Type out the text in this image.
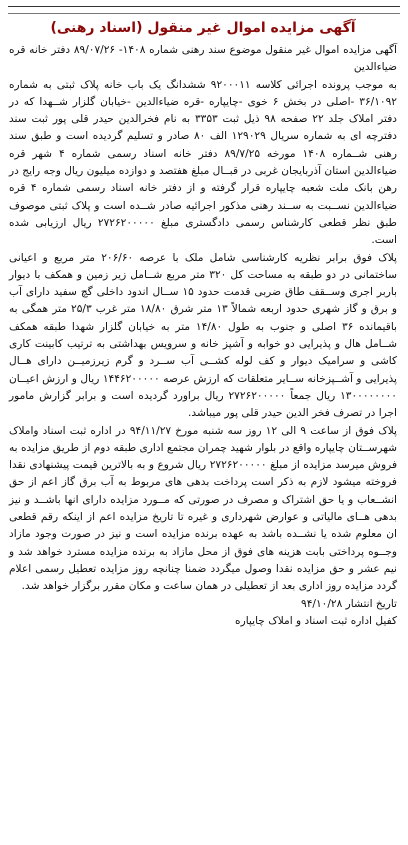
آگهی مزایده اموال غیر منقول (اسناد رهنی)

آگهی مزایده اموال غیر منقول موضوع سند رهنی شماره ۱۴۰۸- ۸۹/۰۷/۲۶ دفتر خانه قره ضیاءالدین

به موجب پرونده اجرائی کلاسه ۹۲۰۰۰۱۱ ششدانگ یک باب خانه پلاک ثبتی به شماره ۳۶/۱۰۹۲ -اصلی در بخش ۶ خوی -چایپاره -قره ضیاءالدین -خیابان گلزار شــهدا که در دفتر املاک جلد ۲۲ صفحه ۹۸ ذیل ثبت ۳۳۵۳ به نام فخرالدین حیدر قلی پور ثبت سند دفترچه ای به شماره سریال ۱۲۹۰۲۹ الف ۸۰ صادر و تسلیم گردیده است و طبق سند رهنی شــماره ۱۴۰۸ مورخه ۸۹/۷/۲۵ دفتر خانه اسناد رسمی شماره ۴ شهر قره ضیاءالدین استان آذربایجان غربی در قبــال مبلغ هفتصد و دوازده میلیون ریال وجه رایج در رهن بانک ملت شعبه چایپاره قرار گرفته و از دفتر خانه اسناد رسمی شماره ۴ قره ضیاءالدین نســبت به ســند رهنی مذکور اجرائیه صادر شــده است و پلاک ثبتی موصوف طبق نظر قطعی کارشناس رسمی دادگستری مبلغ ۲۷۲۶۲۰۰۰۰۰ ریال ارزیابی شده است.

پلاک فوق برابر نظریه کارشناسی شامل ملک با عرصه ۲۰۶/۶۰ متر مربع و اعیانی ساختمانی در دو طبقه به مساحت کل ۳۲۰ متر مربع شــامل زیر زمین و همکف با دیوار باربر اجری وســقف طاق ضربی قدمت حدود ۱۵ ســال اندود داخلی گچ سفید دارای آب و برق و گاز شهری حدود اربعه شمالاً ۱۳ متر شرق ۱۸/۸۰ متر غرب ۲۵/۳ متر همگی به باقیمانده ۳۶ اصلی و جنوب به طول ۱۴/۸۰ متر به خیابان گلزار شهدا طبقه همکف شــامل هال و پذیرایی دو خوابه و آشپز خانه و سرویس بهداشتی به ترتیب کابینت کاری کاشی و سرامیک دیوار و کف لوله کشــی آب ســرد و گرم زیرزمیــن دارای هــال پذیرایی و آشــپزخانه ســایر متعلقات که ارزش عرصه ۱۴۴۶۲۰۰۰۰۰ ریال و ارزش اعیــان ۱۳۰۰۰۰۰۰۰۰ ریال جمعاً ۲۷۲۶۲۰۰۰۰۰ ریال براورد گردیده است و برابر گزارش مامور اجرا در تصرف فخر الدین حیدر قلی پور میباشد.

پلاک فوق از ساعت ۹ الی ۱۲ روز سه شنبه مورخ ۹۴/۱۱/۲۷ در اداره ثبت اسناد واملاک شهرســتان چایپاره واقع در بلوار شهید چمران مجتمع اداری طبقه دوم از طریق مزایده به فروش میرسد مزایده از مبلغ ۲۷۲۶۲۰۰۰۰۰ ریال شروع و به بالاترین قیمت پیشنهادی نقدا فروخته میشود لازم به ذکر است پرداخت بدهی های مربوط به آب برق گاز اعم از حق انشــعاب و یا حق اشتراک و مصرف در صورتی که مــورد مزایده دارای انها باشــد و نیز بدهی هــای مالیاتی و عوارض شهرداری و غیره تا تاریخ مزایده اعم از اینکه رقم قطعی ان معلوم شده یا نشــده باشد به عهده برنده مزایده است و نیز در صورت وجود مازاد وجــوه پرداختی بابت هزینه های فوق از محل مازاد به برنده مزایده مسترد خواهد شد و نیم عشر و حق مزایده نقدا وصول میگردد ضمنا چنانچه روز مزایده تعطیل رسمی اعلام گردد مزایده روز اداری بعد از تعطیلی در همان ساعت و مکان مقرر برگزار خواهد شد.

تاریخ انتشار ۹۴/۱۰/۲۸

کفیل اداره ثبت اسناد و املاک چایپاره
